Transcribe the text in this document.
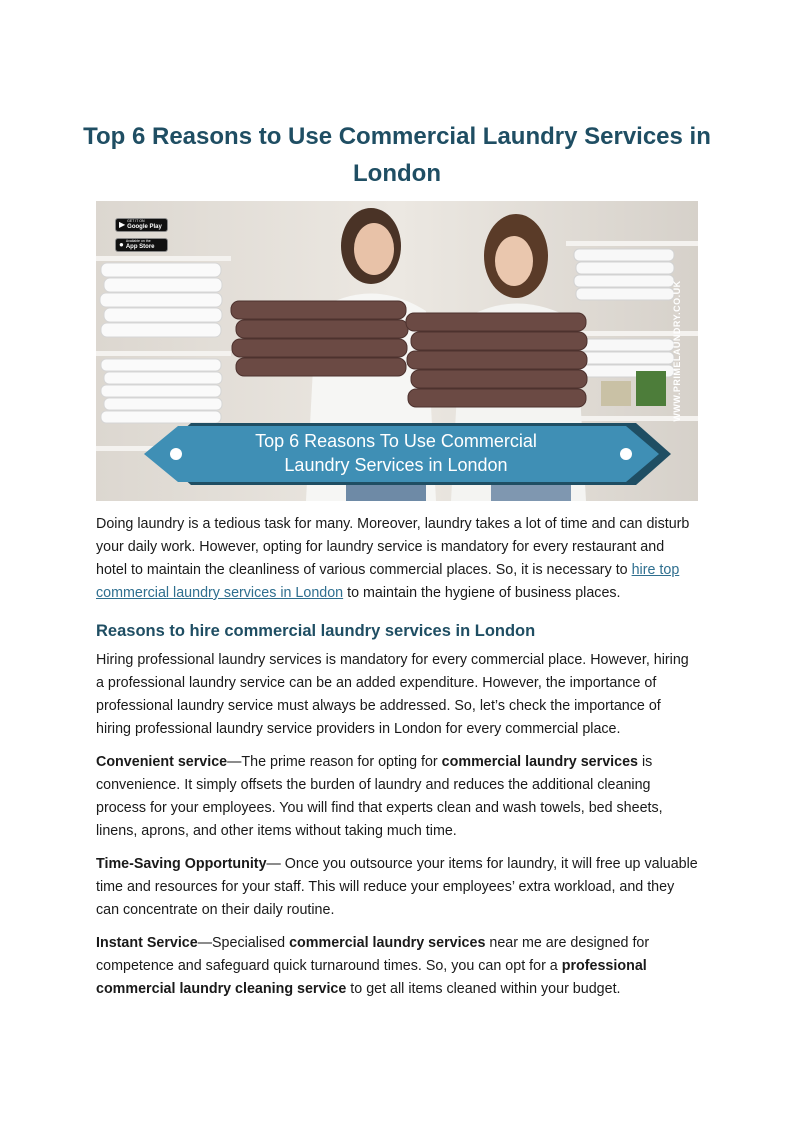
Top 6 Reasons to Use Commercial Laundry Services in London
▶ GET IT ON
Google Play
● Available on the
App Store
Top 6 Reasons To Use Commercial
Laundry Services in London
WWW.PRIMELAUNDRY.CO.UK

Doing laundry is a tedious task for many. Moreover, laundry takes a lot of time and can disturb your daily work. However, opting for laundry service is mandatory for every restaurant and hotel to maintain the cleanliness of various commercial places. So, it is necessary to hire top commercial laundry services in London to maintain the hygiene of business places.

Reasons to hire commercial laundry services in London

Hiring professional laundry services is mandatory for every commercial place. However, hiring a professional laundry service can be an added expenditure. However, the importance of professional laundry service must always be addressed. So, let’s check the importance of hiring professional laundry service providers in London for every commercial place.

Convenient service—The prime reason for opting for commercial laundry services is convenience. It simply offsets the burden of laundry and reduces the additional cleaning process for your employees. You will find that experts clean and wash towels, bed sheets, linens, aprons, and other items without taking much time.

Time-Saving Opportunity— Once you outsource your items for laundry, it will free up valuable time and resources for your staff. This will reduce your employees’ extra workload, and they can concentrate on their daily routine.

Instant Service—Specialised commercial laundry services near me are designed for competence and safeguard quick turnaround times. So, you can opt for a professional commercial laundry cleaning service to get all items cleaned within your budget.
